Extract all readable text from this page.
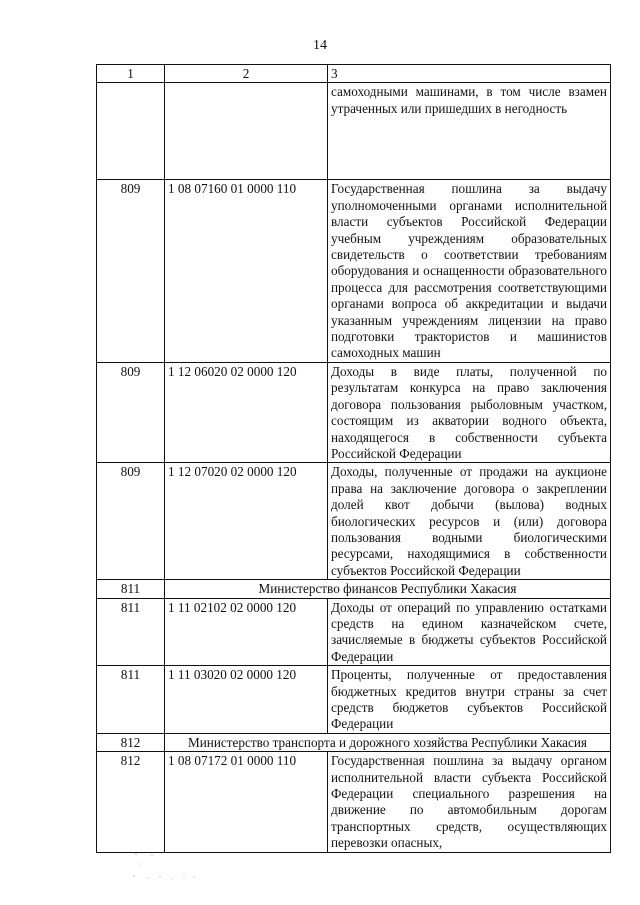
14
1	2	3
		самоходными машинами, в том числе взамен утраченных или пришедших в негодность
809	1 08 07160 01 0000 110	Государственная пошлина за выдачу уполномоченными органами исполнительной власти субъектов Российской Федерации учебным учреждениям образовательных свидетельств о соответствии требованиям оборудования и оснащенности образовательного процесса для рассмотрения соответствующими органами вопроса об аккредитации и выдачи указанным учреждениям лицензии на право подготовки трактористов и машинистов самоходных машин
809	1 12 06020 02 0000 120	Доходы в виде платы, полученной по результатам конкурса на право заключения договора пользования рыболовным участком, состоящим из акватории водного объекта, находящегося в собственности субъекта Российской Федерации
809	1 12 07020 02 0000 120	Доходы, полученные от продажи на аукционе права на заключение договора о закреплении долей квот добычи (вылова) водных биологических ресурсов и (или) договора пользования водными биологическими ресурсами, находящимися в собственности субъектов Российской Федерации
811	Министерство финансов Республики Хакасия	
811	1 11 02102 02 0000 120	Доходы от операций по управлению остатками средств на едином казначейском счете, зачисляемые в бюджеты субъектов Российской Федерации
811	1 11 03020 02 0000 120	Проценты, полученные от предоставления бюджетных кредитов внутри страны за счет средств бюджетов субъектов Российской Федерации
812	Министерство транспорта и дорожного хозяйства Республики Хакасия	
812	1 08 07172 01 0000 110	Государственная пошлина за выдачу органом исполнительной власти субъекта Российской Федерации специального разрешения на движение по автомобильным дорогам транспортных средств, осуществляющих перевозки опасных,
